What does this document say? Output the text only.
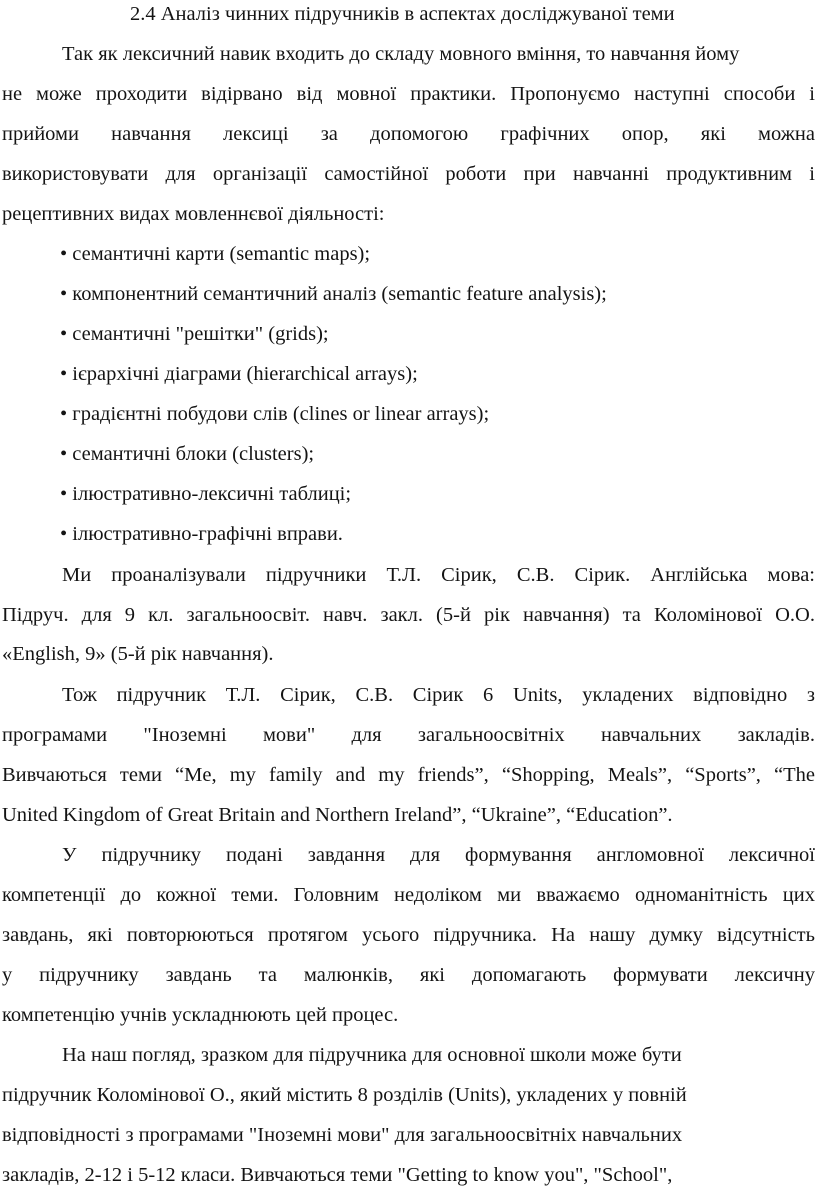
2.4 Аналіз чинних підручників в аспектах досліджуваної теми
Так як лексичний навик входить до складу мовного вміння, то навчання йому
не може проходити відірвано від мовної практики. Пропонуємо наступні способи і
прийоми навчання лексиці за допомогою графічних опор, які можна
використовувати для організації самостійної роботи при навчанні продуктивним і
рецептивних видах мовленнєвої діяльності:
• семантичні карти (semantic maps);
• компонентний семантичний аналіз (semantic feature analysis);
• семантичні "решітки" (grids);
• ієрархічні діаграми (hierarchical arrays);
• градієнтні побудови слів (clines or linear arrays);
• семантичні блоки (clusters);
• ілюстративно-лексичні таблиці;
• ілюстративно-графічні вправи.
Ми проаналізували підручники Т.Л. Сірик, С.В. Сірик. Англійська мова:
Підруч. для 9 кл. загальноосвіт. навч. закл. (5-й рік навчання) та Коломінової О.О.
«English, 9» (5-й рік навчання).
Тож підручник Т.Л. Сірик, С.В. Сірик 6 Units, укладених відповідно з
програмами "Іноземні мови" для загальноосвітніх навчальних закладів.
Вивчаються теми “Me, my family and my friends”, “Shopping, Meals”, “Sports”, “The
United Kingdom of Great Britain and Northern Ireland”, “Ukraine”, “Education”.
У підручнику подані завдання для формування англомовної лексичної
компетенції до кожної теми. Головним недоліком ми вважаємо одноманітність цих
завдань, які повторюються протягом усього підручника. На нашу думку відсутність
у підручнику завдань та малюнків, які допомагають формувати лексичну
компетенцію учнів ускладнюють цей процес.
На наш погляд, зразком для підручника для основної школи може бути
підручник Коломінової О., який містить 8 розділів (Units), укладених у повній
відповідності з програмами "Іноземні мови" для загальноосвітніх навчальних
закладів, 2-12 і 5-12 класи. Вивчаються теми "Getting to know you", "School",
